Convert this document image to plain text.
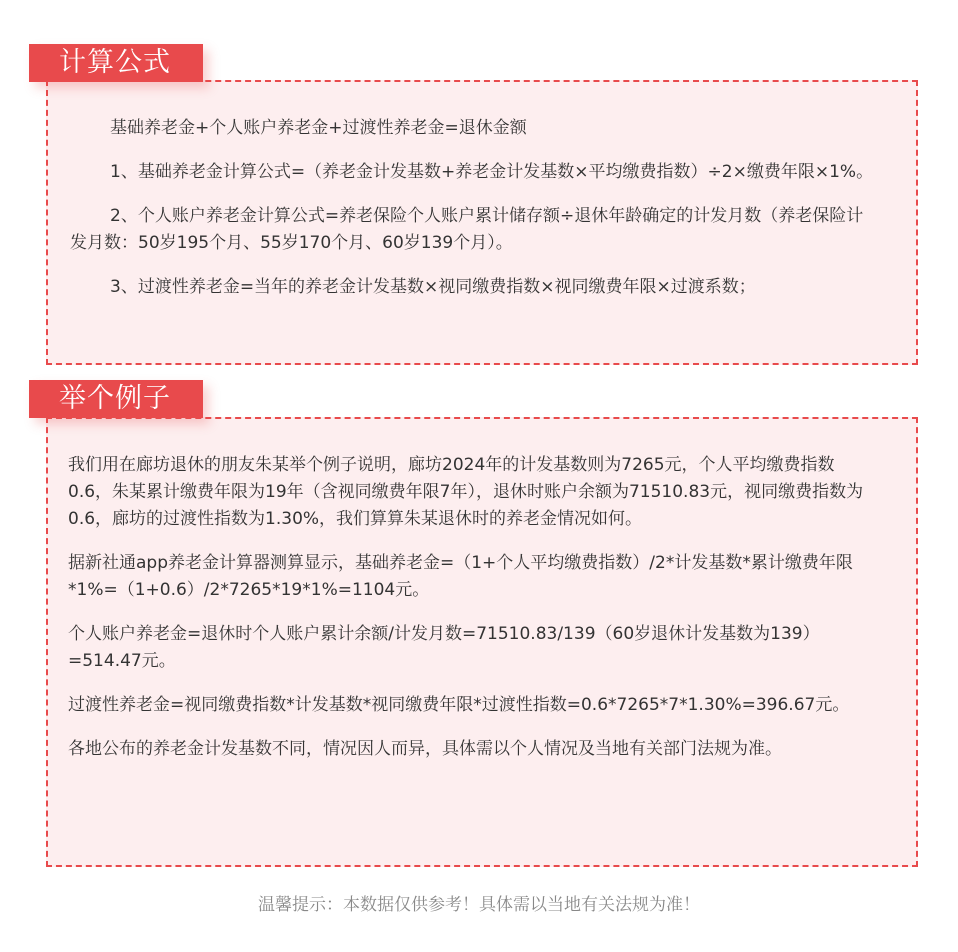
计算公式

基础养老金+个人账户养老金+过渡性养老金=退休金额

1、基础养老金计算公式=（养老金计发基数+养老金计发基数×平均缴费指数）÷2×缴费年限×1%。

2、个人账户养老金计算公式=养老保险个人账户累计储存额÷退休年龄确定的计发月数（养老保险计发月数：50岁195个月、55岁170个月、60岁139个月）。

3、过渡性养老金=当年的养老金计发基数×视同缴费指数×视同缴费年限×过渡系数；

举个例子

我们用在廊坊退休的朋友朱某举个例子说明，廊坊2024年的计发基数则为7265元，个人平均缴费指数0.6，朱某累计缴费年限为19年（含视同缴费年限7年），退休时账户余额为71510.83元，视同缴费指数为0.6，廊坊的过渡性指数为1.30%，我们算算朱某退休时的养老金情况如何。

据新社通app养老金计算器测算显示，基础养老金=（1+个人平均缴费指数）/2*计发基数*累计缴费年限*1%=（1+0.6）/2*7265*19*1%=1104元。

个人账户养老金=退休时个人账户累计余额/计发月数=71510.83/139（60岁退休计发基数为139）=514.47元。

过渡性养老金=视同缴费指数*计发基数*视同缴费年限*过渡性指数=0.6*7265*7*1.30%=396.67元。

各地公布的养老金计发基数不同，情况因人而异，具体需以个人情况及当地有关部门法规为准。

温馨提示：本数据仅供参考！具体需以当地有关法规为准！
